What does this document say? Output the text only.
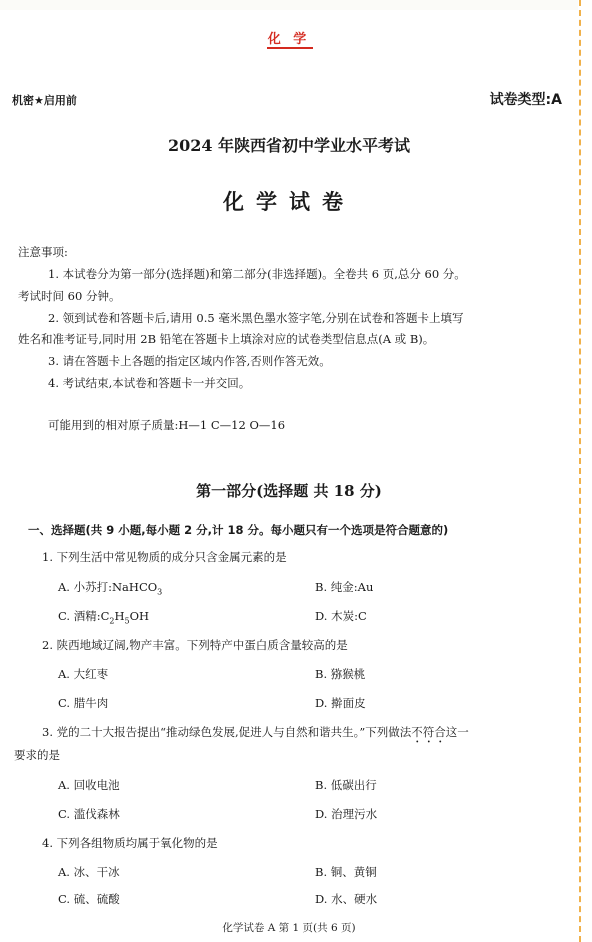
化 学
机密★启用前	试卷类型:A
2024 年陕西省初中学业水平考试
化学试卷
注意事项:
1. 本试卷分为第一部分(选择题)和第二部分(非选择题)。全卷共 6 页,总分 60 分。
考试时间 60 分钟。
2. 领到试卷和答题卡后,请用 0.5 毫米黑色墨水签字笔,分别在试卷和答题卡上填写
姓名和准考证号,同时用 2B 铅笔在答题卡上填涂对应的试卷类型信息点(A 或 B)。
3. 请在答题卡上各题的指定区域内作答,否则作答无效。
4. 考试结束,本试卷和答题卡一并交回。
可能用到的相对原子质量:H—1 C—12 O—16
第一部分(选择题 共 18 分)
一、选择题(共 9 小题,每小题 2 分,计 18 分。每小题只有一个选项是符合题意的)
1. 下列生活中常见物质的成分只含金属元素的是
A. 小苏打:NaHCO$_3$	B. 纯金:Au
C. 酒精$:C_2H_5OH$	D. 木炭:C
2. 陕西地域辽阔,物产丰富。下列特产中蛋白质含量较高的是
A. 大红枣	B. 猕猴桃
C. 腊牛肉	D. 擀面皮
3. 党的二十大报告提出“推动绿色发展,促进人与自然和谐共生。”下列做法不符合这一
要求的是
A. 回收电池	B. 低碳出行
C. 滥伐森林	D. 治理污水
4. 下列各组物质均属于氧化物的是
A. 冰、干冰	B. 铜、黄铜
C. 硫、硫酸	D. 水、硬水
化学试卷 A 第 1 页(共 6 页)
